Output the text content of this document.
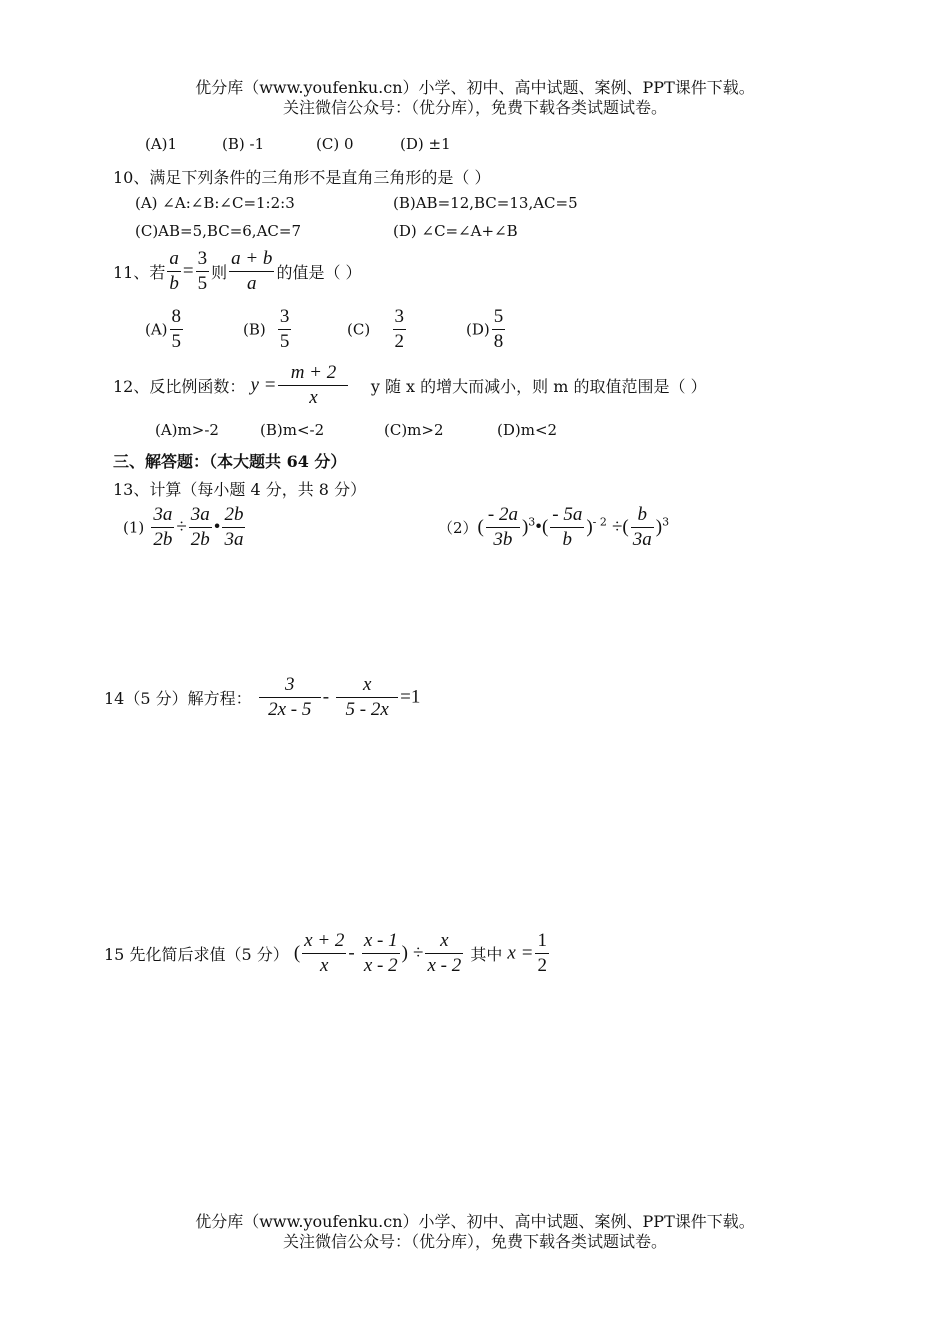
优分库（www.youfenku.cn）小学、初中、高中试题、案例、PPT课件下载。
关注微信公众号：（优分库），免费下载各类试题试卷。
(A)1	(B) -1	(C) 0	(D) ±1
10、满足下列条件的三角形不是直角三角形的是（ ）
(A) ∠A:∠B:∠C=1:2:3	(B)AB=12,BC=13,AC=5
(C)AB=5,BC=6,AC=7	(D) ∠C=∠A+∠B
11、若 $\frac{a}{b} = \frac{3}{5}$ 则 $\frac{a + b}{a}$ 的值是（ ）
$(A) \frac{8}{5}$	$(B) \frac{3}{5}$	$(C) \frac{3}{2}$	$(D) \frac{5}{8}$
12、反比例函数： $y = \frac{m + 2}{x}$ y 随 x 的增大而减小，则 m 的取值范围是（ ）
(A)m>-2	(B)m<-2	(C)m>2	(D)m<2
三、解答题：（本大题共 64 分）
13、计算（每小题 4 分，共 8 分）
$(1) \frac{3a}{2b} \div \frac{3a}{2b}$ • $\frac{2b}{3a}$	$(2)( \frac{- 2a}{3b}$ )$^3•( \frac{- 5a}{b} )^{- 2}$ ÷( $\frac{b}{3a} )^3$
14（5 分）解方程： $\frac{3}{2x - 5} - \frac{x}{5 - 2x} =1$
15 先化简后求值（5 分） ( $\frac{x + 2}{x} - \frac{x - 1}{x - 2}$ ) ÷ $\frac{x}{x - 2}$ 其中 $x = \frac{1}{2}$
优分库（www.youfenku.cn）小学、初中、高中试题、案例、PPT课件下载。
关注微信公众号：（优分库），免费下载各类试题试卷。
